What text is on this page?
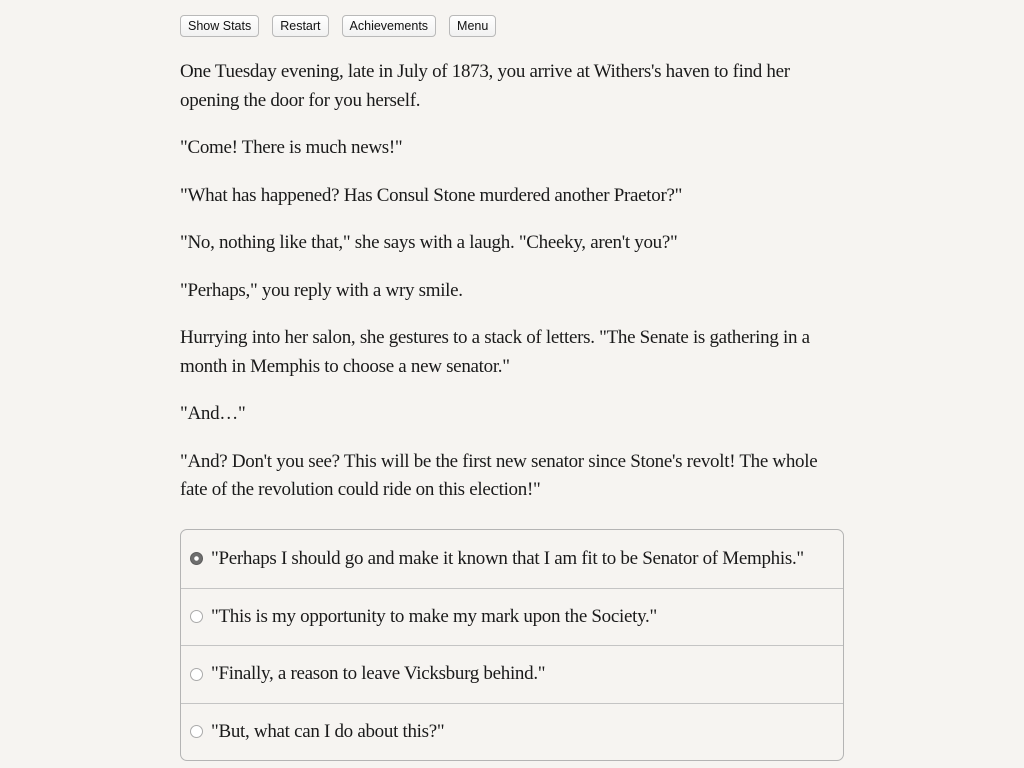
Show Stats	Restart	Achievements	Menu

One Tuesday evening, late in July of 1873, you arrive at Withers's haven to find her opening the door for you herself.

"Come! There is much news!"

"What has happened? Has Consul Stone murdered another Praetor?"

"No, nothing like that," she says with a laugh. "Cheeky, aren't you?"

"Perhaps," you reply with a wry smile.

Hurrying into her salon, she gestures to a stack of letters. "The Senate is gathering in a month in Memphis to choose a new senator."

"And…"

"And? Don't you see? This will be the first new senator since Stone's revolt! The whole fate of the revolution could ride on this election!"

"Perhaps I should go and make it known that I am fit to be Senator of Memphis."
"This is my opportunity to make my mark upon the Society."
"Finally, a reason to leave Vicksburg behind."
"But, what can I do about this?"
